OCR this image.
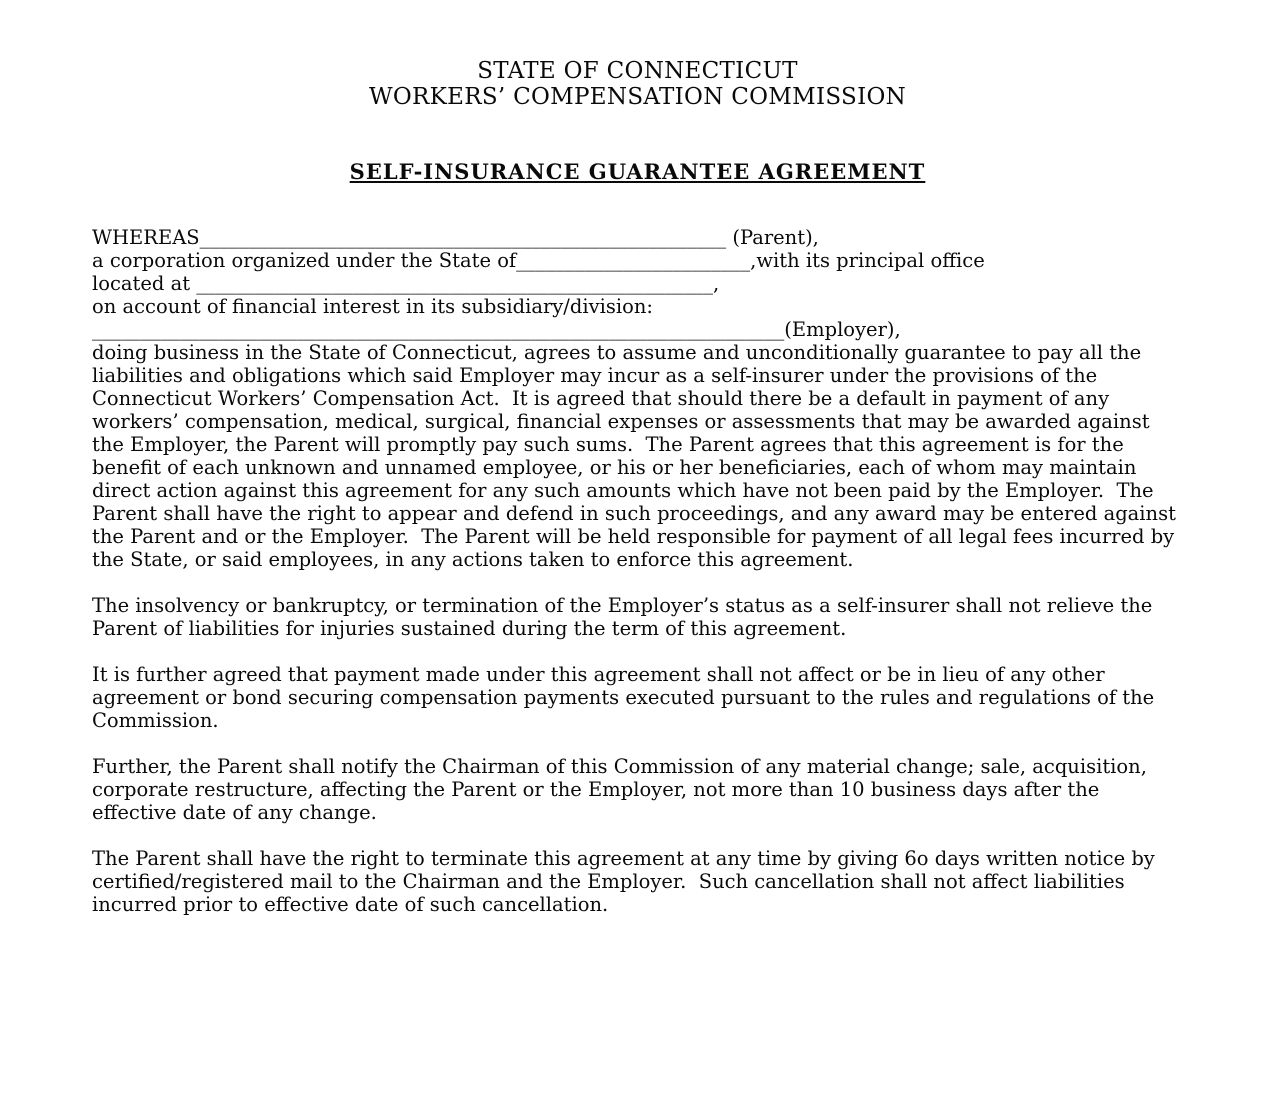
STATE OF CONNECTICUT
WORKERS’ COMPENSATION COMMISSION
SELF-INSURANCE GUARANTEE AGREEMENT
WHEREAS______________________________________________________ (Parent),
a corporation organized under the State of________________________,with its principal office
located at _____________________________________________________,
on account of financial interest in its subsidiary/division:
_______________________________________________________________________(Employer),
doing business in the State of Connecticut, agrees to assume and unconditionally guarantee to pay all the liabilities and obligations which said Employer may incur as a self-insurer under the provisions of the Connecticut Workers’ Compensation Act.  It is agreed that should there be a default in payment of any workers’ compensation, medical, surgical, financial expenses or assessments that may be awarded against the Employer, the Parent will promptly pay such sums.  The Parent agrees that this agreement is for the benefit of each unknown and unnamed employee, or his or her beneficiaries, each of whom may maintain direct action against this agreement for any such amounts which have not been paid by the Employer.  The Parent shall have the right to appear and defend in such proceedings, and any award may be entered against the Parent and or the Employer.  The Parent will be held responsible for payment of all legal fees incurred by the State, or said employees, in any actions taken to enforce this agreement.
The insolvency or bankruptcy, or termination of the Employer’s status as a self-insurer shall not relieve the Parent of liabilities for injuries sustained during the term of this agreement.
It is further agreed that payment made under this agreement shall not affect or be in lieu of any other agreement or bond securing compensation payments executed pursuant to the rules and regulations of the Commission.
Further, the Parent shall notify the Chairman of this Commission of any material change; sale, acquisition, corporate restructure, affecting the Parent or the Employer, not more than 10 business days after the effective date of any change.
The Parent shall have the right to terminate this agreement at any time by giving 6o days written notice by certified/registered mail to the Chairman and the Employer.  Such cancellation shall not affect liabilities incurred prior to effective date of such cancellation.
